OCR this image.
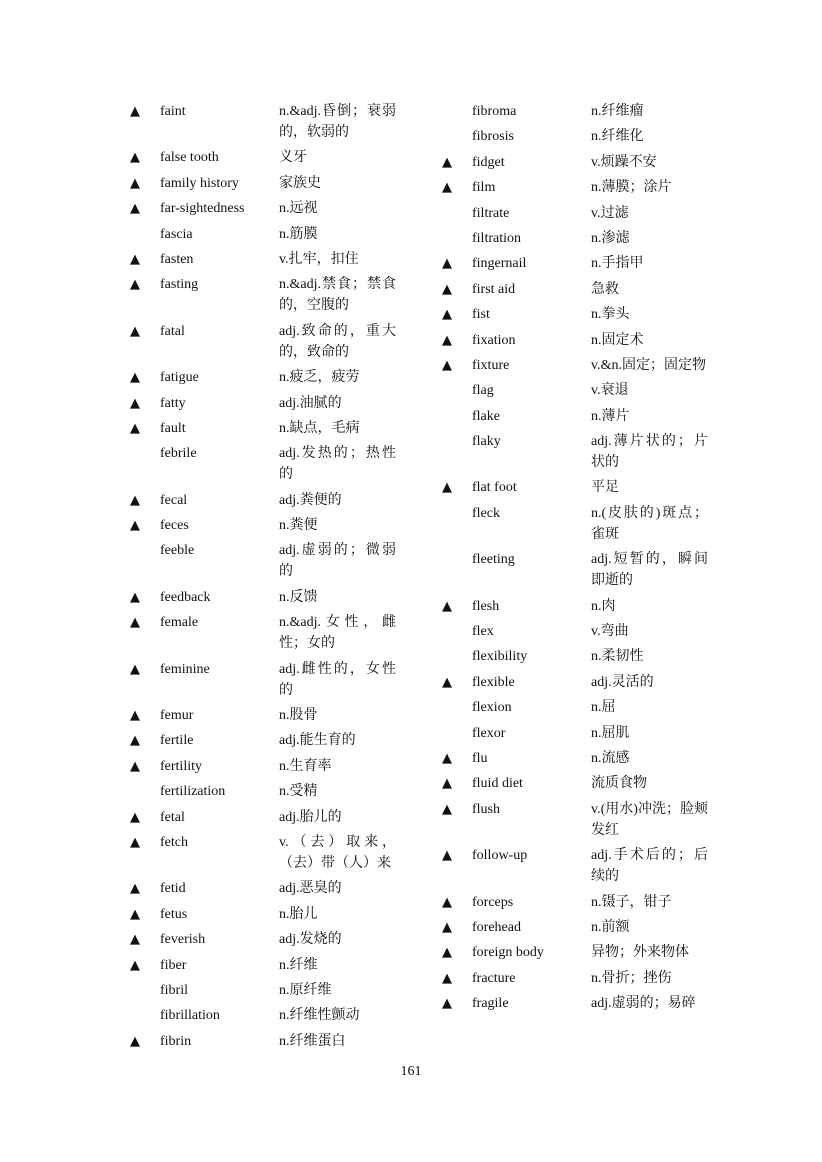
▲	faint	n.&adj.昏倒；衰弱的，软弱的
▲	false tooth	义牙
▲	family history	家族史
▲	far-sightedness	n.远视
fascia	n.筋膜
▲	fasten	v.扎牢，扣住
▲	fasting	n.&adj.禁食；禁食的，空腹的
▲	fatal	adj.致命的，重大的，致命的
▲	fatigue	n.疲乏，疲劳
▲	fatty	adj.油腻的
▲	fault	n.缺点，毛病
febrile	adj.发热的；热性的
▲	fecal	adj.粪便的
▲	feces	n.粪便
feeble	adj.虚弱的；微弱的
▲	feedback	n.反馈
▲	female	n.&adj.女性，雌性；女的
▲	feminine	adj.雌性的，女性的
▲	femur	n.股骨
▲	fertile	adj.能生育的
▲	fertility	n.生育率
fertilization	n.受精
▲	fetal	adj.胎儿的
▲	fetch	v.（去）取来，（去）带（人）来
▲	fetid	adj.恶臭的
▲	fetus	n.胎儿
▲	feverish	adj.发烧的
▲	fiber	n.纤维
fibril	n.原纤维
fibrillation	n.纤维性颤动
▲	fibrin	n.纤维蛋白
fibroma	n.纤维瘤
fibrosis	n.纤维化
▲	fidget	v.烦躁不安
▲	film	n.薄膜；涂片
filtrate	v.过滤
filtration	n.渗滤
▲	fingernail	n.手指甲
▲	first aid	急救
▲	fist	n.拳头
▲	fixation	n.固定术
▲	fixture	v.&n.固定；固定物
flag	v.衰退
flake	n.薄片
flaky	adj.薄片状的；片状的
▲	flat foot	平足
fleck	n.(皮肤的)斑点；雀斑
fleeting	adj.短暂的，瞬间即逝的
▲	flesh	n.肉
flex	v.弯曲
flexibility	n.柔韧性
▲	flexible	adj.灵活的
flexion	n.屈
flexor	n.屈肌
▲	flu	n.流感
▲	fluid diet	流质食物
▲	flush	v.(用水)冲洗；脸颊发红
▲	follow-up	adj.手术后的；后续的
▲	forceps	n.镊子，钳子
▲	forehead	n.前额
▲	foreign body	异物；外来物体
▲	fracture	n.骨折；挫伤
▲	fragile	adj.虚弱的；易碎
161
